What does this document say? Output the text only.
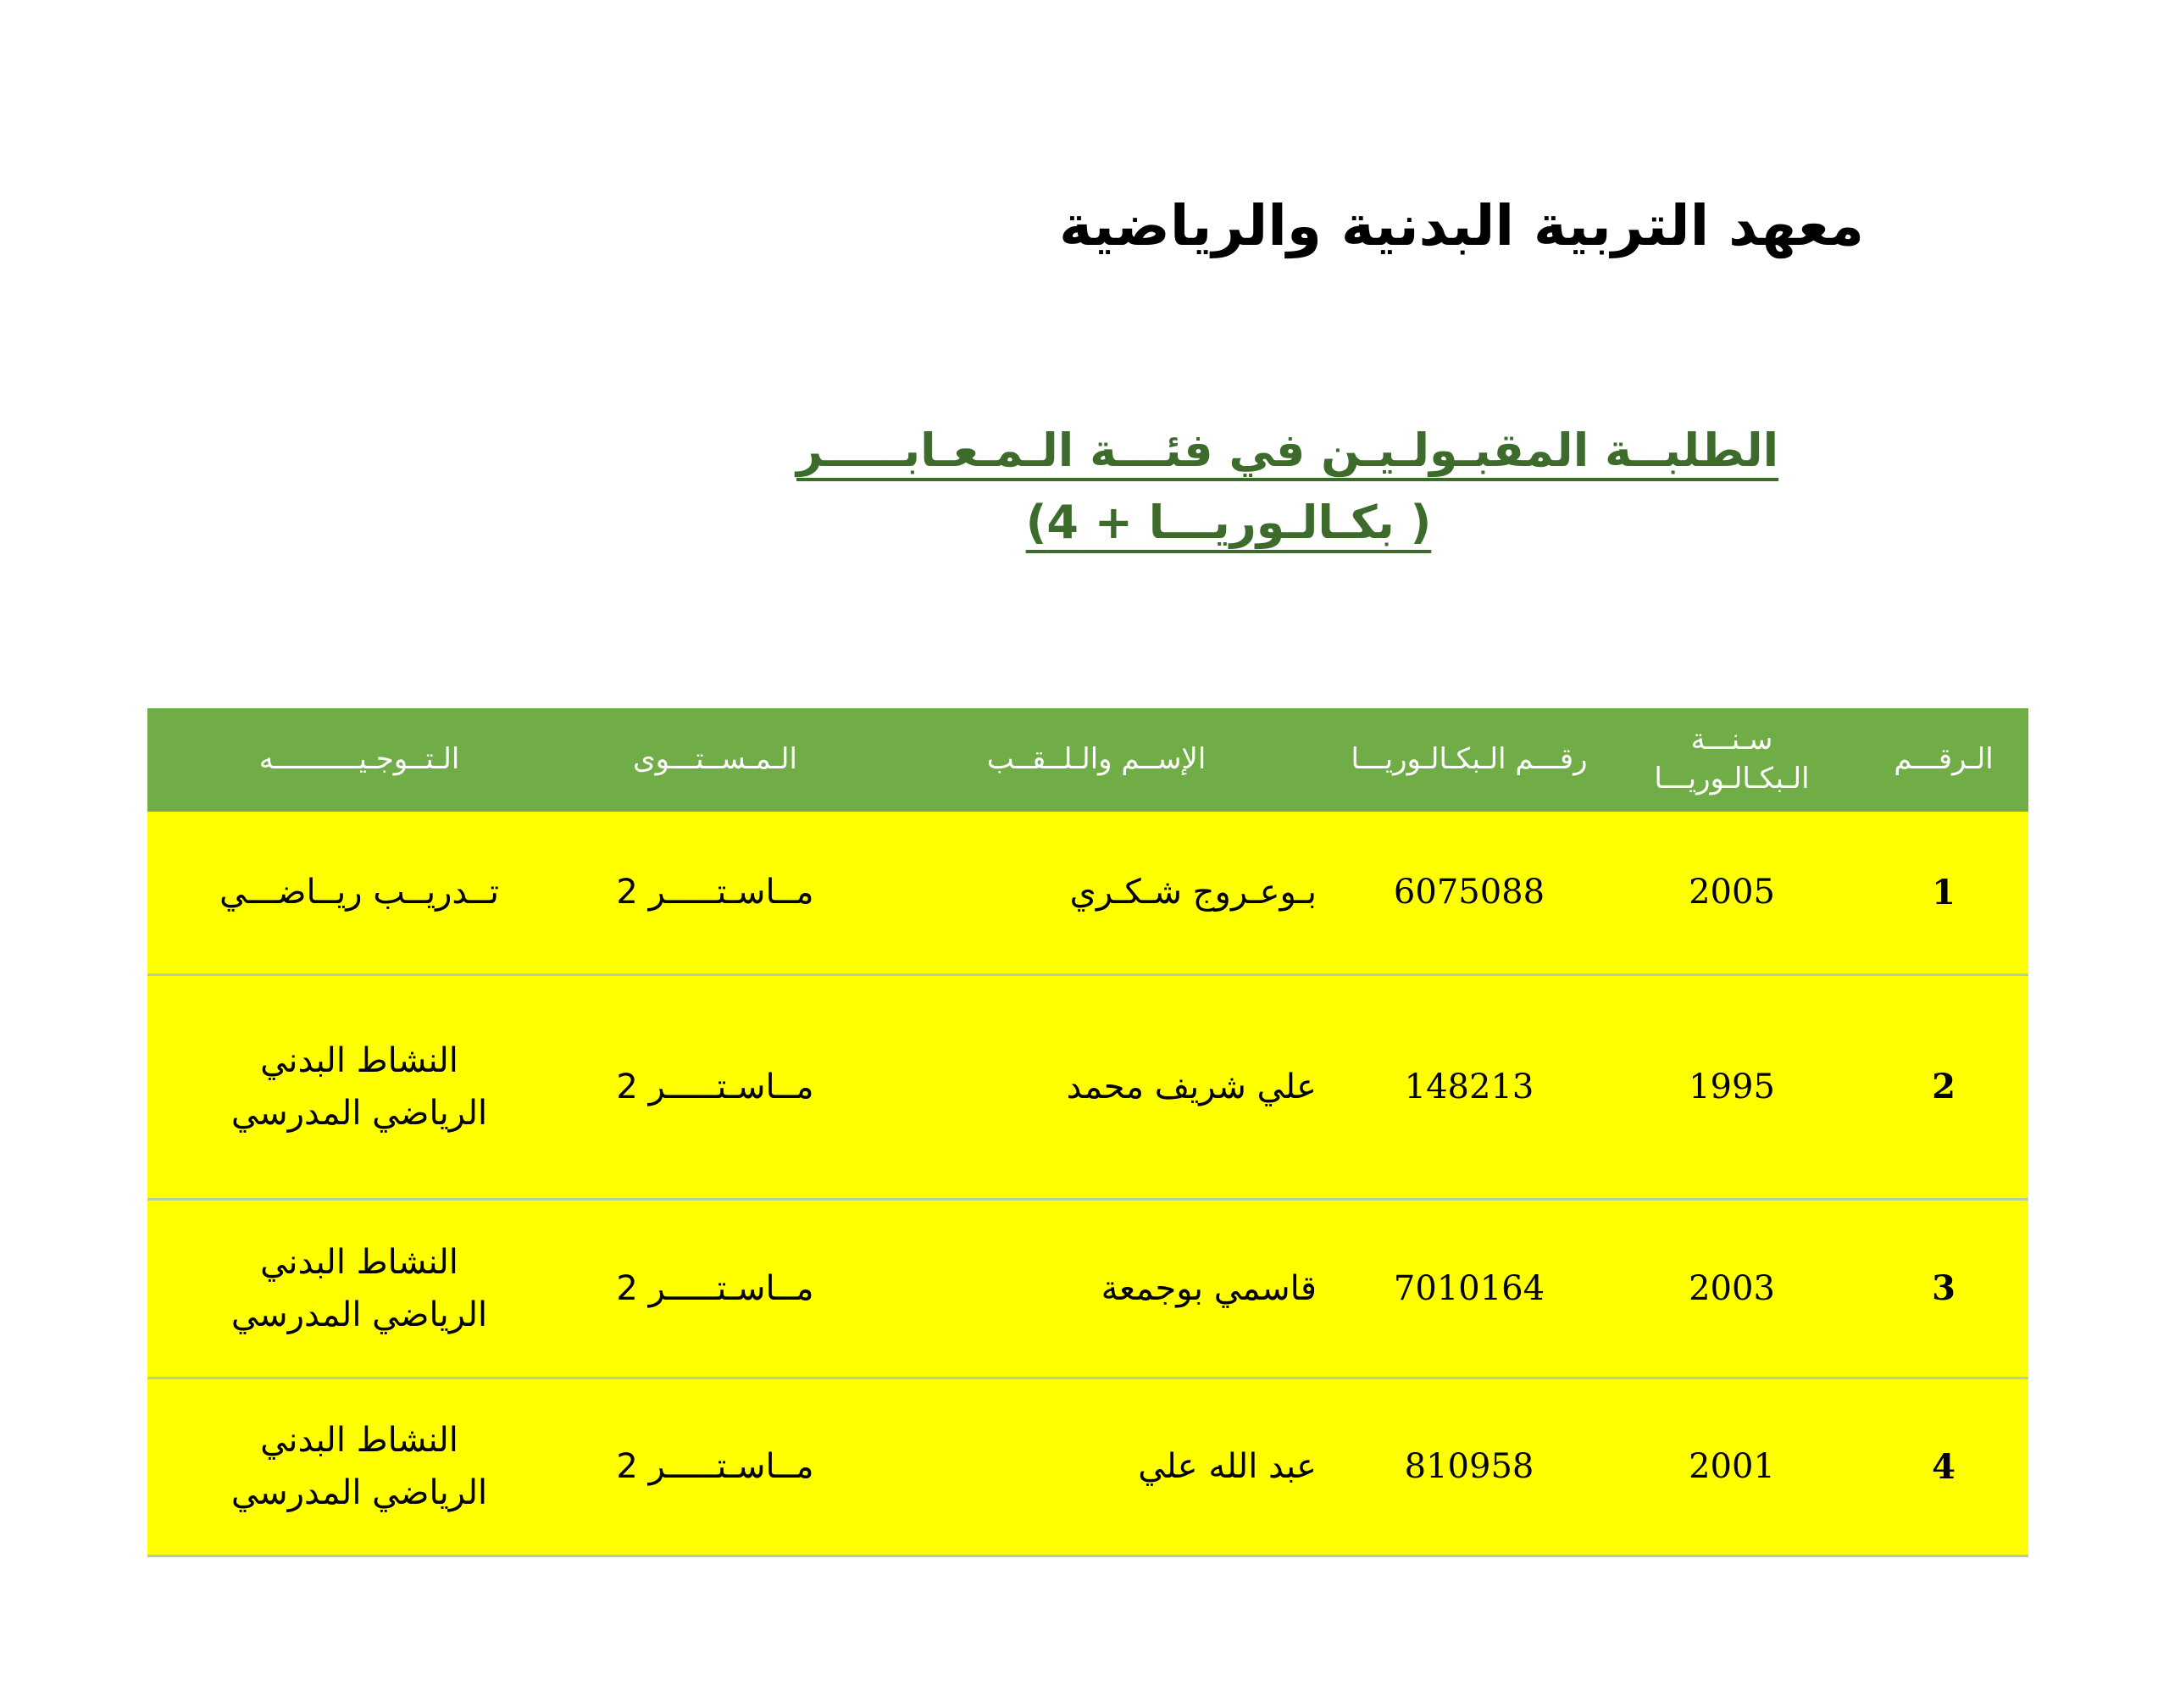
معهد التربية البدنية والرياضية
الطلبــة المقبـولـيـن في فئـــة الـمـعـابـــــر
( بكـالـوريـــا + 4)
الـرقـــم	سـنـــة الـبكـالـوريـــا	رقـــم الـبكـالـوريـــا	الإســم والـلــقــب	الـمـســتـــوى	الـتــوجـيــــــــــه
1	2005	6075088	بـوعـروج شـكـري	مــاسـتـــــر 2	تــدريــب ريــاضـــي

2	1995	148213	علي شريف محمد	مــاسـتـــــر 2	النشاط البدني
الرياضي المدرسي

3	2003	7010164	قاسمي بوجمعة	مــاسـتـــــر 2	النشاط البدني
الرياضي المدرسي

4	2001	810958	عبد الله علي	مــاسـتـــــر 2	النشاط البدني
الرياضي المدرسي
